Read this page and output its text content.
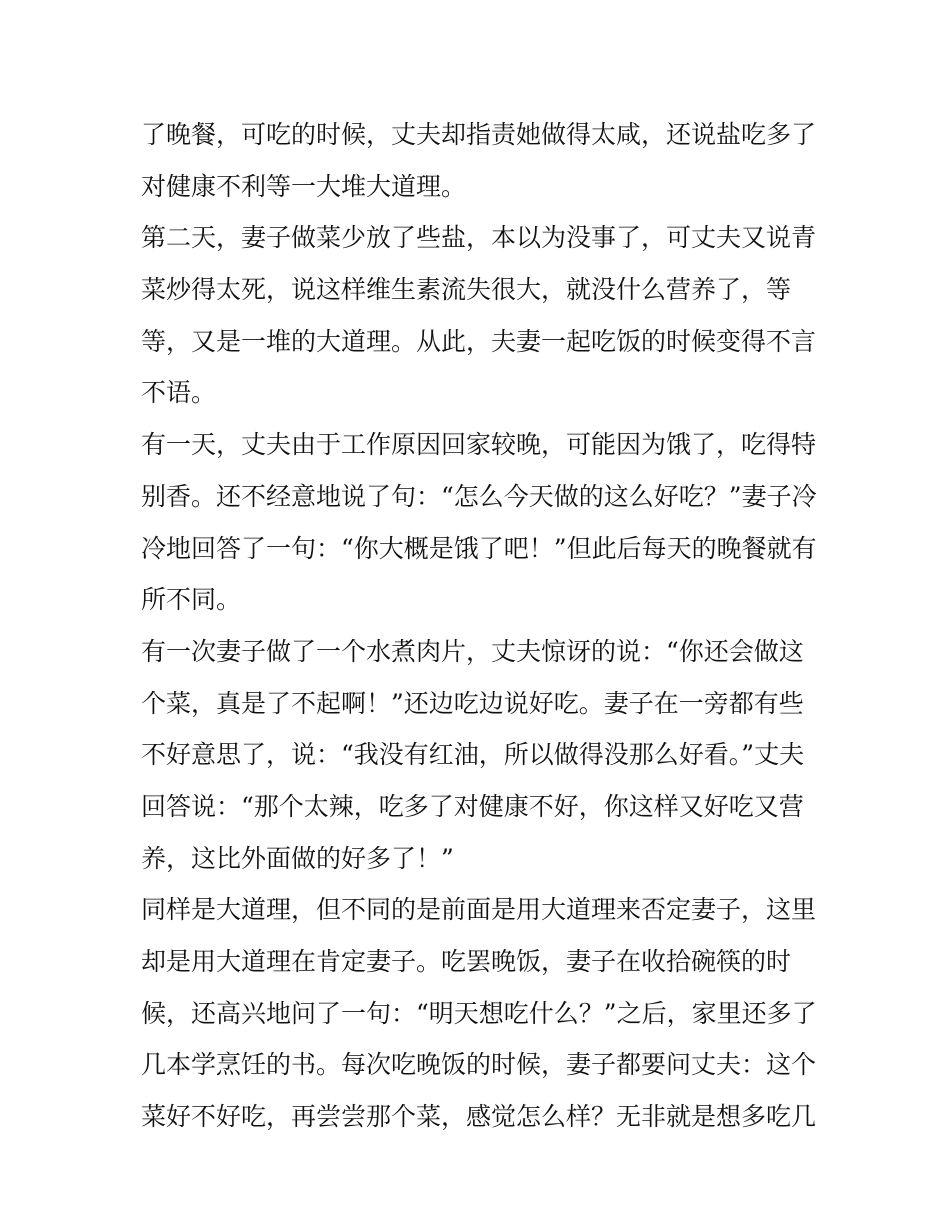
了晚餐，可吃的时候，丈夫却指责她做得太咸，还说盐吃多了
对健康不利等一大堆大道理。
第二天，妻子做菜少放了些盐，本以为没事了，可丈夫又说青
菜炒得太死，说这样维生素流失很大，就没什么营养了，等
等，又是一堆的大道理。从此，夫妻一起吃饭的时候变得不言
不语。
有一天，丈夫由于工作原因回家较晚，可能因为饿了，吃得特
别香。还不经意地说了句：“怎么今天做的这么好吃？”妻子冷
冷地回答了一句：“你大概是饿了吧！”但此后每天的晚餐就有
所不同。
有一次妻子做了一个水煮肉片，丈夫惊讶的说：“你还会做这
个菜，真是了不起啊！”还边吃边说好吃。妻子在一旁都有些
不好意思了，说：“我没有红油，所以做得没那么好看。”丈夫
回答说：“那个太辣，吃多了对健康不好，你这样又好吃又营
养，这比外面做的好多了！”
同样是大道理，但不同的是前面是用大道理来否定妻子，这里
却是用大道理在肯定妻子。吃罢晚饭，妻子在收拾碗筷的时
候，还高兴地问了一句：“明天想吃什么？”之后，家里还多了
几本学烹饪的书。每次吃晚饭的时候，妻子都要问丈夫：这个
菜好不好吃，再尝尝那个菜，感觉怎么样？无非就是想多吃几
